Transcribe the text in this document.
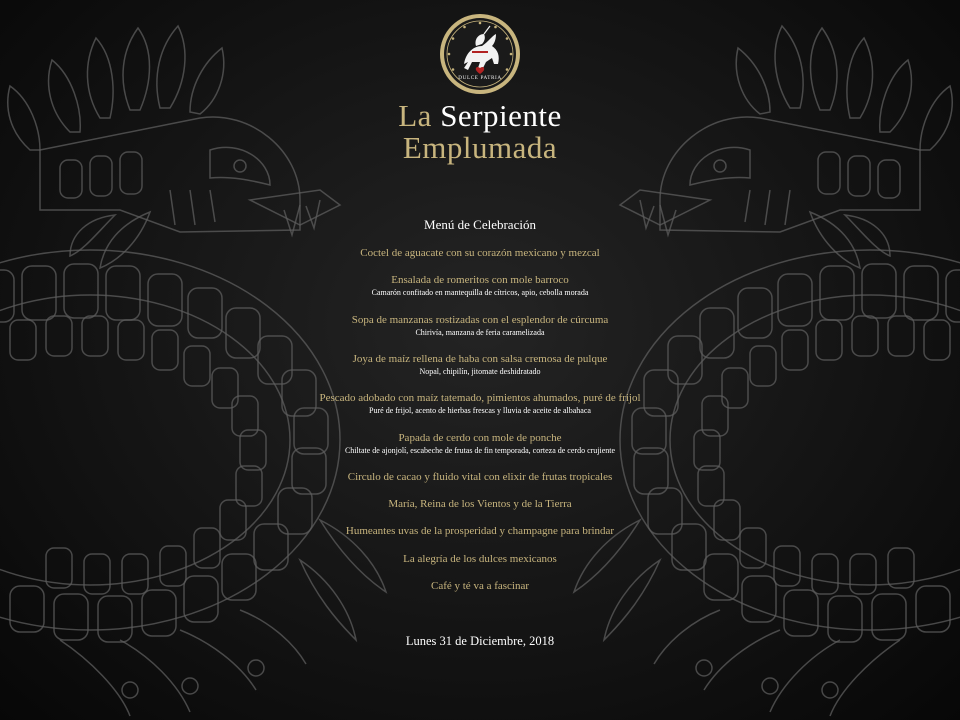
DULCE PATRIA
La Serpiente
Emplumada
Menú de Celebración
Coctel de aguacate con su corazón mexicano y mezcal
Ensalada de romeritos con mole barroco
Camarón confitado en mantequilla de cítricos, apio, cebolla morada
Sopa de manzanas rostizadas con el esplendor de cúrcuma
Chirivía, manzana de feria caramelizada
Joya de maíz rellena de haba con salsa cremosa de pulque
Nopal, chipilín, jitomate deshidratado
Pescado adobado con maíz tatemado, pimientos ahumados, puré de frijol
Puré de frijol, acento de hierbas frescas y lluvia de aceite de albahaca
Papada de cerdo con mole de ponche
Chiltate de ajonjolí, escabeche de frutas de fin temporada, corteza de cerdo crujiente
Circulo de cacao y fluido vital con elixir de frutas tropicales
María, Reina de los Vientos y de la Tierra
Humeantes uvas de la prosperidad y champagne para brindar
La alegría de los dulces mexicanos
Café y té va a fascinar
Lunes 31 de Diciembre, 2018
